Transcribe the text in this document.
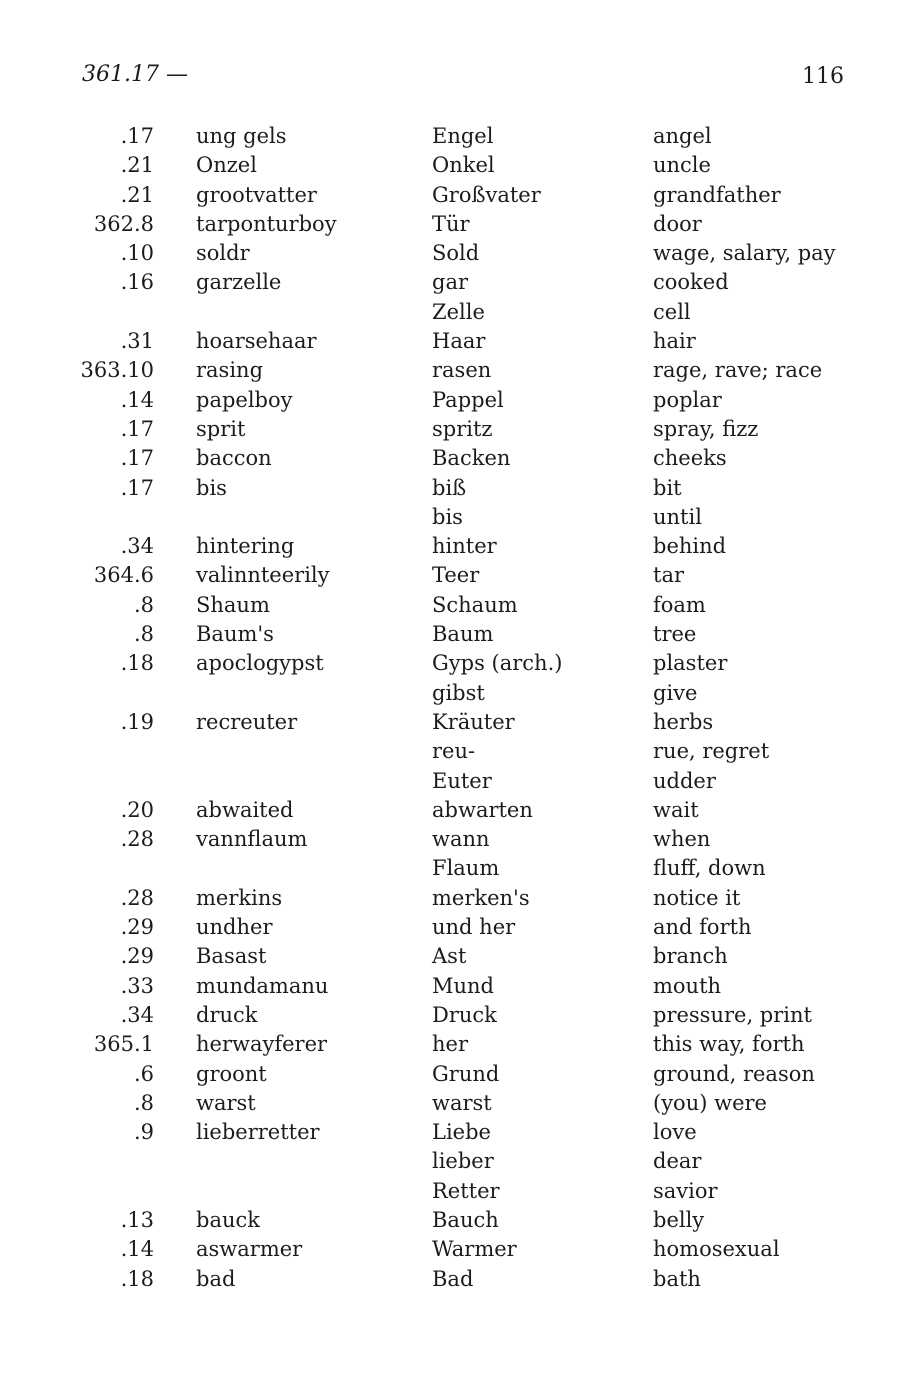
361.17 —	116
.17 ung gels	Engel	angel
.21 Onzel	Onkel	uncle
.21 grootvatter	Großvater	grandfather
362.8 tarponturboy	Tür	door
.10 soldr	Sold	wage, salary, pay
.16 garzelle	gar	cooked
Zelle	cell
.31 hoarsehaar	Haar	hair
363.10 rasing	rasen	rage, rave; race
.14 papelboy	Pappel	poplar
.17 sprit	spritz	spray, fizz
.17 baccon	Backen	cheeks
.17 bis	biß	bit
bis	until
.34 hintering	hinter	behind
364.6 valinnteerily	Teer	tar
.8 Shaum	Schaum	foam
.8 Baum's	Baum	tree
.18 apoclogypst	Gyps (arch.)	plaster
gibst	give
.19 recreuter	Kräuter	herbs
reu-	rue, regret
Euter	udder
.20 abwaited	abwarten	wait
.28 vannflaum	wann	when
Flaum	fluff, down
.28 merkins	merken's	notice it
.29 undher	und her	and forth
.29 Basast	Ast	branch
.33 mundamanu	Mund	mouth
.34 druck	Druck	pressure, print
365.1 herwayferer	her	this way, forth
.6 groont	Grund	ground, reason
.8 warst	warst	(you) were
.9 lieberretter	Liebe	love
lieber	dear
Retter	savior
.13 bauck	Bauch	belly
.14 aswarmer	Warmer	homosexual
.18 bad	Bad	bath
